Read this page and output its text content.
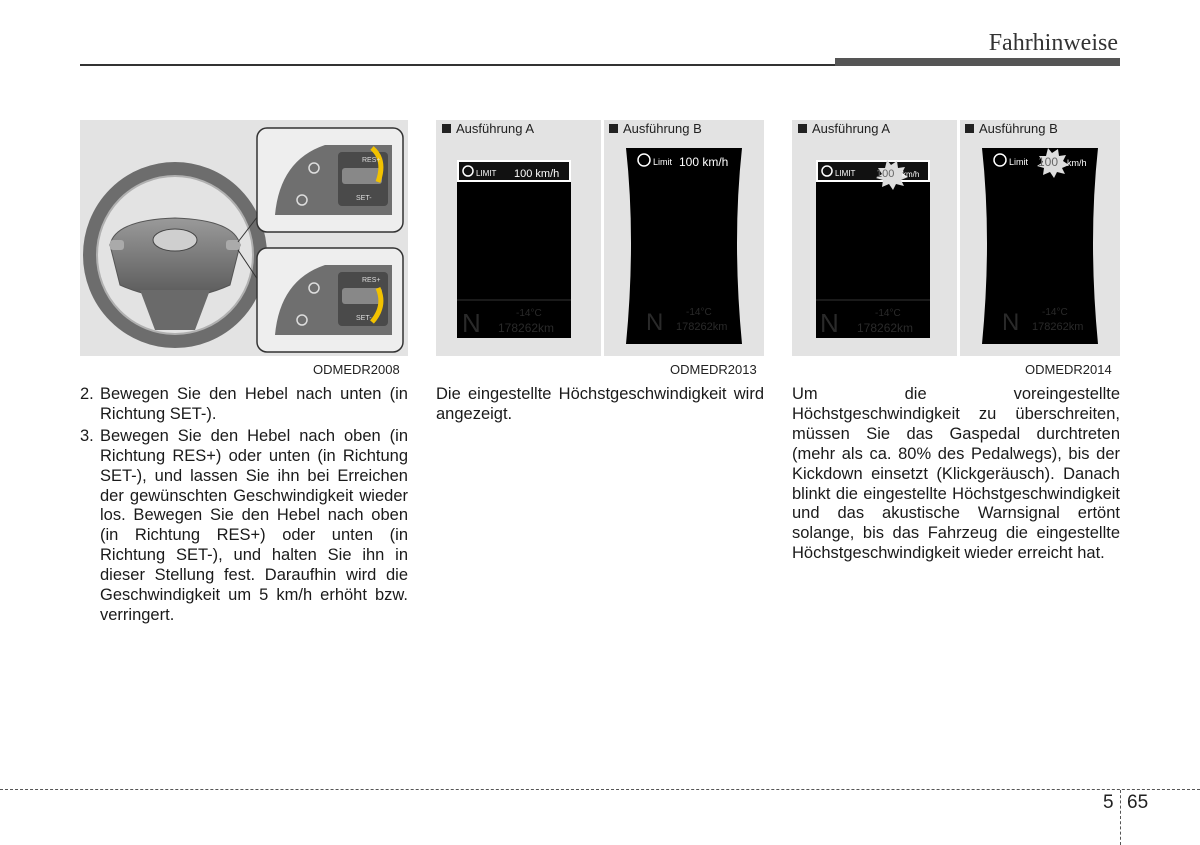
Fahrhinweise
RES+
SET-
RES+
SET-
ODMEDR2008
Ausführung A	Ausführung B
LIMIT 100 km/h
N	-14°C
178262km
Limit 100 km/h
N -14°C
178262km
ODMEDR2013
Ausführung A	Ausführung B
LIMIT 100 km/h
N	-14°C
178262km
Limit 100 km/h
N -14°C
178262km
ODMEDR2014
2. Bewegen Sie den Hebel nach unten (in Richtung SET-).
3. Bewegen Sie den Hebel nach oben (in Richtung RES+) oder unten (in Richtung SET-), und lassen Sie ihn bei Erreichen der gewünschten Geschwindigkeit wieder los. Bewegen Sie den Hebel nach oben (in Richtung RES+) oder unten (in Richtung SET-), und halten Sie ihn in dieser Stellung fest. Daraufhin wird die Geschwindigkeit um 5 km/h erhöht bzw. verringert.
Die eingestellte Höchstgeschwindigkeit wird angezeigt.
Um die voreingestellte Höchstgeschwindigkeit zu überschreiten, müssen Sie das Gaspedal durchtreten (mehr als ca. 80% des Pedalwegs), bis der Kickdown einsetzt (Klickgeräusch). Danach blinkt die eingestellte Höchstgeschwindigkeit und das akustische Warnsignal ertönt solange, bis das Fahrzeug die eingestellte Höchstgeschwindigkeit wieder erreicht hat.
5 65
